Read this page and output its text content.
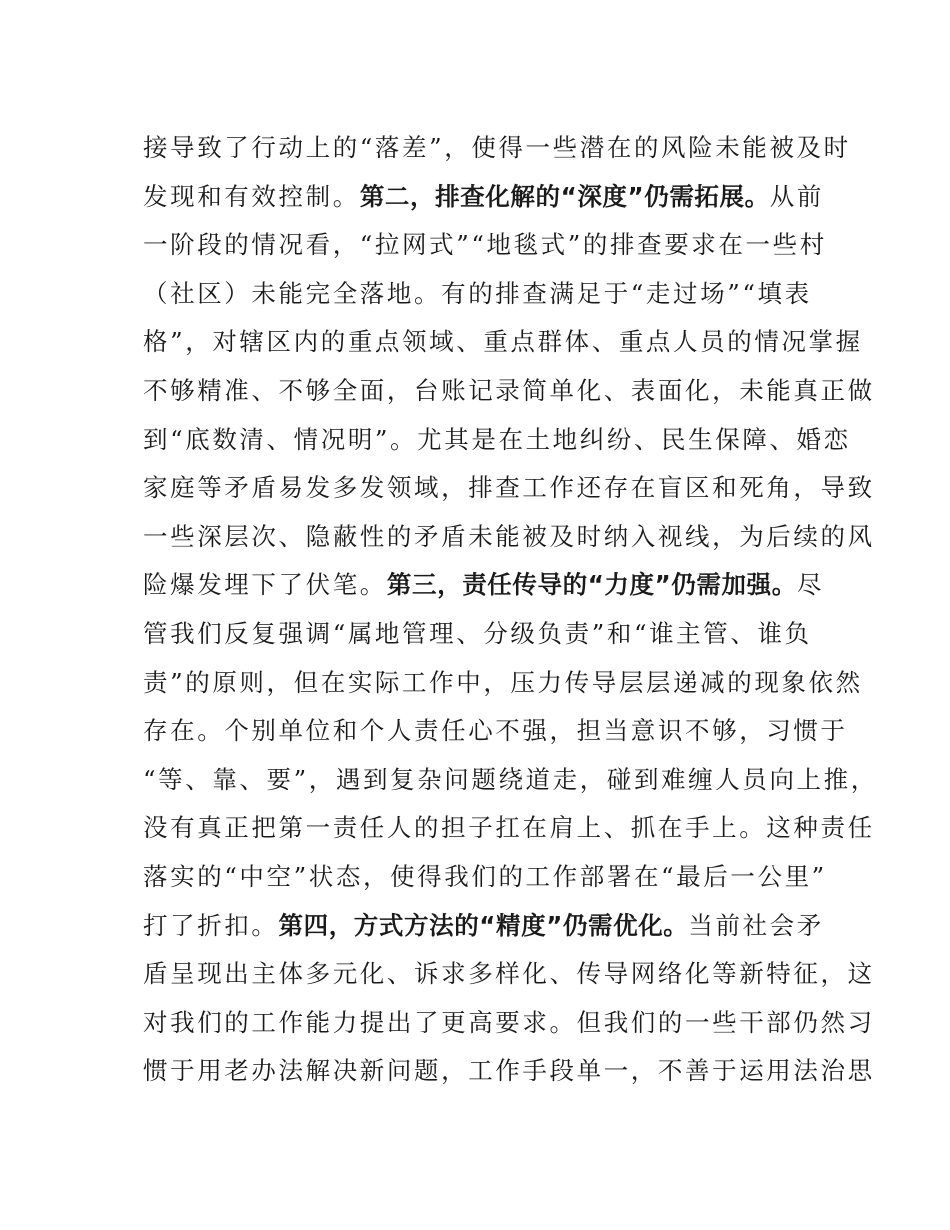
接导致了行动上的“落差”，使得一些潜在的风险未能被及时
发现和有效控制。第二，排查化解的“深度”仍需拓展。从前
一阶段的情况看，“拉网式”“地毯式”的排查要求在一些村
（社区）未能完全落地。有的排查满足于“走过场”“填表
格”，对辖区内的重点领域、重点群体、重点人员的情况掌握
不够精准、不够全面，台账记录简单化、表面化，未能真正做
到“底数清、情况明”。尤其是在土地纠纷、民生保障、婚恋
家庭等矛盾易发多发领域，排查工作还存在盲区和死角，导致
一些深层次、隐蔽性的矛盾未能被及时纳入视线，为后续的风
险爆发埋下了伏笔。第三，责任传导的“力度”仍需加强。尽
管我们反复强调“属地管理、分级负责”和“谁主管、谁负
责”的原则，但在实际工作中，压力传导层层递减的现象依然
存在。个别单位和个人责任心不强，担当意识不够，习惯于
“等、靠、要”，遇到复杂问题绕道走，碰到难缠人员向上推，
没有真正把第一责任人的担子扛在肩上、抓在手上。这种责任
落实的“中空”状态，使得我们的工作部署在“最后一公里”
打了折扣。第四，方式方法的“精度”仍需优化。当前社会矛
盾呈现出主体多元化、诉求多样化、传导网络化等新特征，这
对我们的工作能力提出了更高要求。但我们的一些干部仍然习
惯于用老办法解决新问题，工作手段单一，不善于运用法治思
